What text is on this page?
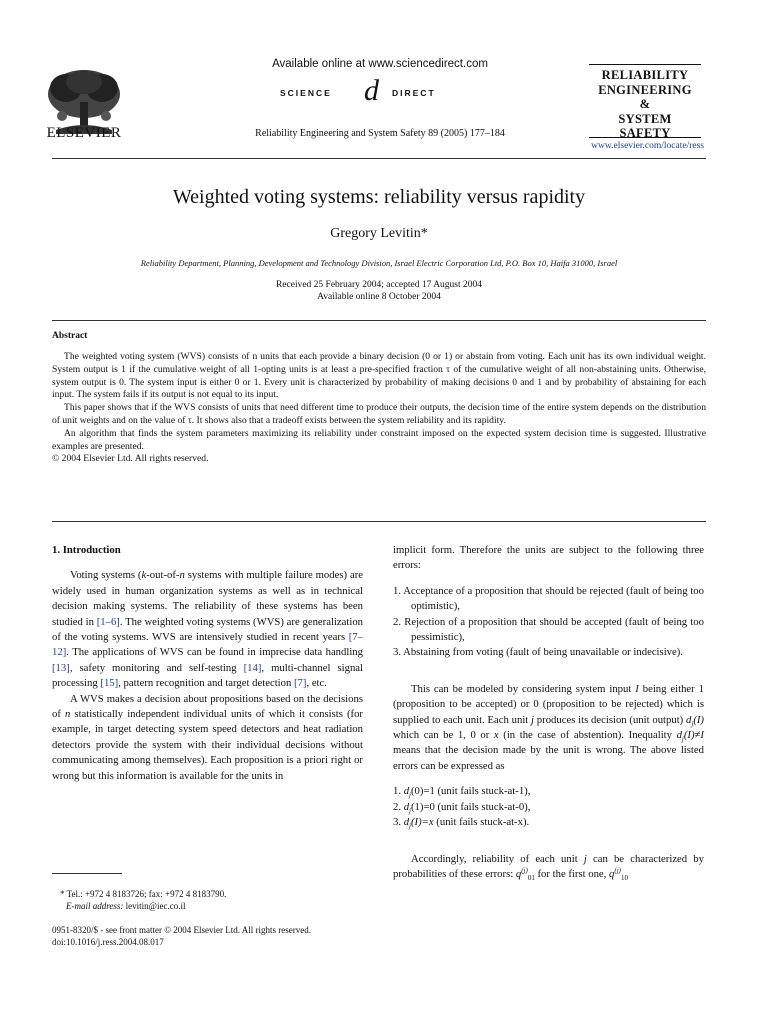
ELSEVIER
Available online at www.sciencedirect.com
SCIENCE d DIRECT
Reliability Engineering and System Safety 89 (2005) 177–184
RELIABILITY
ENGINEERING
&
SYSTEM
SAFETY
www.elsevier.com/locate/ress
Weighted voting systems: reliability versus rapidity
Gregory Levitin*
Reliability Department, Planning, Development and Technology Division, Israel Electric Corporation Ltd, P.O. Box 10, Haifa 31000, Israel
Received 25 February 2004; accepted 17 August 2004
Available online 8 October 2004
Abstract

The weighted voting system (WVS) consists of n units that each provide a binary decision (0 or 1) or abstain from voting. Each unit has its own individual weight. System output is 1 if the cumulative weight of all 1-opting units is at least a pre-specified fraction τ of the cumulative weight of all non-abstaining units. Otherwise, system output is 0. The system input is either 0 or 1. Every unit is characterized by probability of making decisions 0 and 1 and by probability of abstaining for each input. The system fails if its output is not equal to its input.

This paper shows that if the WVS consists of units that need different time to produce their outputs, the decision time of the entire system depends on the distribution of unit weights and on the value of τ. It shows also that a tradeoff exists between the system reliability and its rapidity.

An algorithm that finds the system parameters maximizing its reliability under constraint imposed on the expected system decision time is suggested. Illustrative examples are presented.

© 2004 Elsevier Ltd. All rights reserved.

1. Introduction

Voting systems (k-out-of-n systems with multiple failure modes) are widely used in human organization systems as well as in technical decision making systems. The reliability of these systems has been studied in [1–6]. The weighted voting systems (WVS) are generalization of the voting systems. WVS are intensively studied in recent years [7–12]. The applications of WVS can be found in imprecise data handling [13], safety monitoring and self-testing [14], multi-channel signal processing [15], pattern recognition and target detection [7], etc.

A WVS makes a decision about propositions based on the decisions of n statistically independent individual units of which it consists (for example, in target detecting system speed detectors and heat radiation detectors provide the system with their individual decisions without communicating among themselves). Each proposition is a priori right or wrong but this information is available for the units in

* Tel.: +972 4 8183726; fax: +972 4 8183790.
E-mail address: levitin@iec.co.il
0951-8320/$ - see front matter © 2004 Elsevier Ltd. All rights reserved.
doi:10.1016/j.ress.2004.08.017

implicit form. Therefore the units are subject to the following three errors:

1. Acceptance of a proposition that should be rejected (fault of being too optimistic),
2. Rejection of a proposition that should be accepted (fault of being too pessimistic),
3. Abstaining from voting (fault of being unavailable or indecisive).

This can be modeled by considering system input I being either 1 (proposition to be accepted) or 0 (proposition to be rejected) which is supplied to each unit. Each unit j produces its decision (unit output) $d_j(I)$ which can be 1, 0 or x (in the case of abstention). Inequality $d_j(I)\ne I$ means that the decision made by the unit is wrong. The above listed errors can be expressed as

1. $d_j(0)=1$ (unit fails stuck-at-1),
2. $d_j(1)=0$ (unit fails stuck-at-0),
3. $d_j(I)=x$ (unit fails stuck-at-x).

Accordingly, reliability of each unit j can be characterized by probabilities of these errors: $q^{(j)}_{01}$ for the first one, $q^{(j)}_{10}$
